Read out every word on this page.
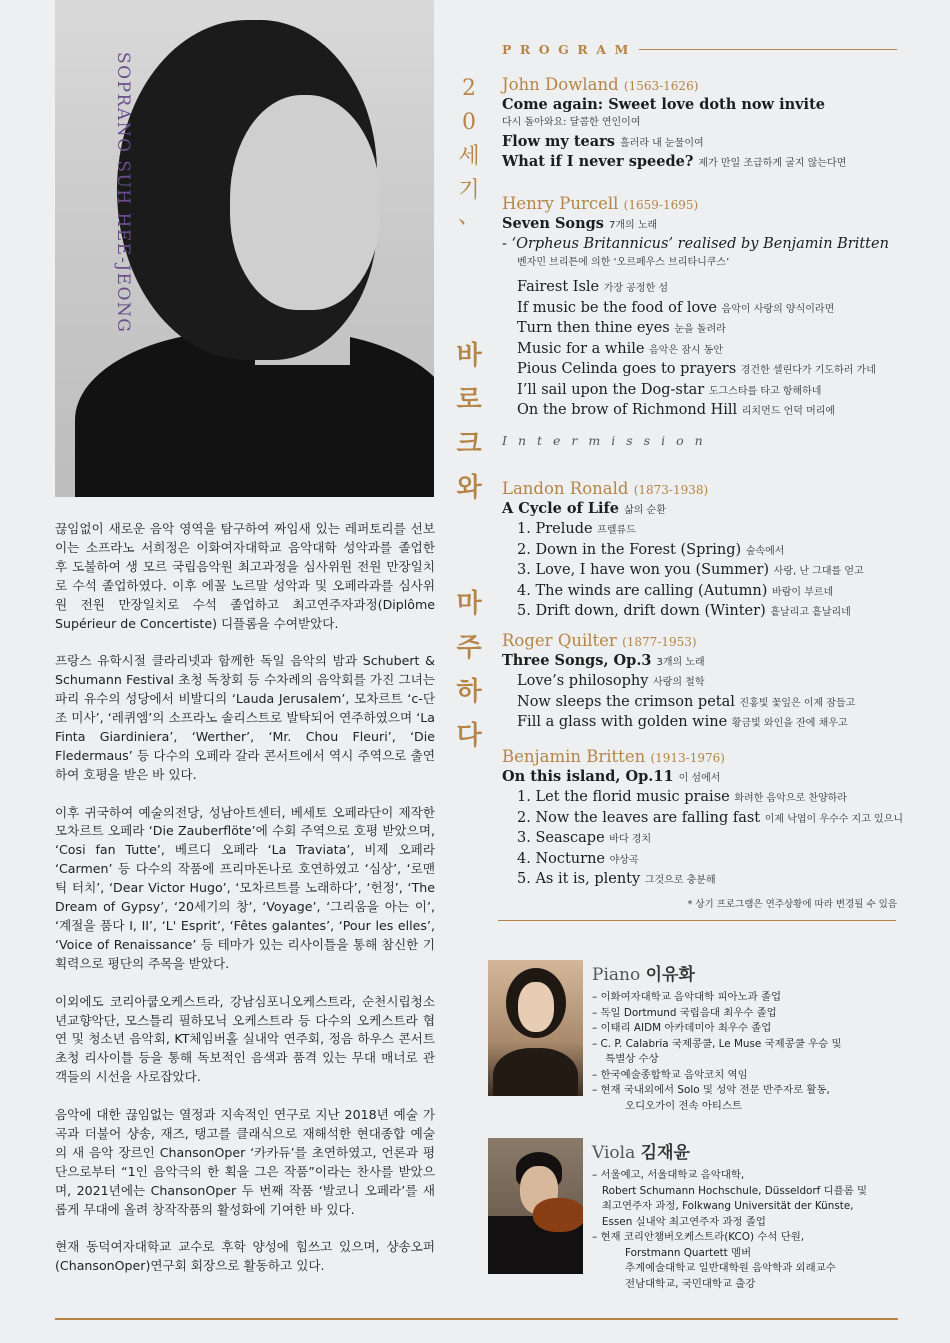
SOPRANO SUH HEE-JEONG

끊임없이 새로운 음악 영역을 탐구하여 짜임새 있는 레퍼토리를 선보이는 소프라노 서희정은 이화여자대학교 음악대학 성악과를 졸업한 후 도불하여 생 모르 국립음악원 최고과정을 심사위원 전원 만장일치로 수석 졸업하였다. 이후 에꼴 노르말 성악과 및 오페라과를 심사위원 전원 만장일치로 수석 졸업하고 최고연주자과정(Diplôme Supérieur de Concertiste) 디플롬을 수여받았다.

프랑스 유학시절 클라리넷과 함께한 독일 음악의 밤과 Schubert & Schumann Festival 초청 독창회 등 수차례의 음악회를 가진 그녀는 파리 유수의 성당에서 비발디의 ‘Lauda Jerusalem’, 모차르트 ‘c-단조 미사’, ‘레퀴엠’의 소프라노 솔리스트로 발탁되어 연주하였으며 ‘La Finta Giardiniera’, ‘Werther’, ‘Mr. Chou Fleuri’, ‘Die Fledermaus’ 등 다수의 오페라 갈라 콘서트에서 역시 주역으로 출연하여 호평을 받은 바 있다.

이후 귀국하여 예술의전당, 성남아트센터, 베세토 오페라단이 제작한 모차르트 오페라 ‘Die Zauberflöte’에 수회 주역으로 호평 받았으며, ‘Cosi fan Tutte’, 베르디 오페라 ‘La Traviata’, 비제 오페라 ‘Carmen’ 등 다수의 작품에 프리마돈나로 호연하였고 ‘심상’, ‘로맨틱 터치’, ‘Dear Victor Hugo’, ‘모차르트를 노래하다’, ‘헌정’, ‘The Dream of Gypsy’, ‘20세기의 창’, ‘Voyage’, ‘그리움을 아는 이’, ‘계절을 품다 I, II’, ‘L' Esprit’, ‘Fêtes galantes’, ‘Pour les elles’, ‘Voice of Renaissance’ 등 테마가 있는 리사이틀을 통해 참신한 기획력으로 평단의 주목을 받았다.

이외에도 코리아쿱오케스트라, 강남심포니오케스트라, 순천시립청소년교향악단, 모스틀리 필하모닉 오케스트라 등 다수의 오케스트라 협연 및 청소년 음악회, KT체임버홀 실내악 연주회, 정음 하우스 콘서트 초청 리사이틀 등을 통해 독보적인 음색과 품격 있는 무대 매너로 관객들의 시선을 사로잡았다.

음악에 대한 끊임없는 열정과 지속적인 연구로 지난 2018년 예술 가곡과 더불어 샹송, 재즈, 탱고를 클래식으로 재해석한 현대종합 예술의 새 음악 장르인 ChansonOper ‘카카듀’를 초연하였고, 언론과 평단으로부터 “1인 음악극의 한 획을 그은 작품”이라는 찬사를 받았으며, 2021년에는 ChansonOper 두 번째 작품 ‘발코니 오페라’를 새롭게 무대에 올려 창작작품의 활성화에 기여한 바 있다.

현재 동덕여자대학교 교수로 후학 양성에 힘쓰고 있으며, 샹송오퍼(ChansonOper)연구회 회장으로 활동하고 있다.

2
0
세
기
、
바
로
크
와
마
주
하
다
PROGRAM
John Dowland (1563-1626)
Come again: Sweet love doth now invite
다시 돌아와요: 달콤한 연인이여
Flow my tears 흘러라 내 눈물이여
What if I never speede? 제가 만일 조급하게 굴지 않는다면
Henry Purcell (1659-1695)
Seven Songs 7개의 노래
- ‘Orpheus Britannicus’ realised by Benjamin Britten
벤자민 브리튼에 의한 ‘오르페우스 브리타니쿠스’
Fairest Isle 가장 공정한 섬
If music be the food of love 음악이 사랑의 양식이라면
Turn then thine eyes 눈을 돌려라
Music for a while 음악은 잠시 동안
Pious Celinda goes to prayers 경건한 셀린다가 기도하러 가네
I’ll sail upon the Dog-star 도그스타를 타고 항해하네
On the brow of Richmond Hill 리치먼드 언덕 머리에
Intermission
Landon Ronald (1873-1938)
A Cycle of Life 삶의 순환
1. Prelude 프렐류드
2. Down in the Forest (Spring) 숲속에서
3. Love, I have won you (Summer) 사랑, 난 그대를 얻고
4. The winds are calling (Autumn) 바람이 부르네
5. Drift down, drift down (Winter) 흩날리고 흩날리네
Roger Quilter (1877-1953)
Three Songs, Op.3 3개의 노래
Love’s philosophy 사랑의 철학
Now sleeps the crimson petal 진홍빛 꽃잎은 이제 잠들고
Fill a glass with golden wine 황금빛 와인을 잔에 채우고
Benjamin Britten (1913-1976)
On this island, Op.11 이 섬에서
1. Let the florid music praise 화려한 음악으로 찬양하라
2. Now the leaves are falling fast 이제 낙엽이 우수수 지고 있으니
3. Seascape 바다 경치
4. Nocturne 야상곡
5. As it is, plenty 그것으로 충분해
* 상기 프로그램은 연주상황에 따라 변경될 수 있음
Piano 이유화
– 이화여자대학교 음악대학 피아노과 졸업
– 독일 Dortmund 국립음대 최우수 졸업
– 이태리 AIDM 아카데미아 최우수 졸업
– C. P. Calabria 국제콩쿨, Le Muse 국제콩쿨 우승 및
특별상 수상
– 한국예술종합학교 음악코치 역임
– 현재 국내외에서 Solo 및 성악 전문 반주자로 활동,
오디오가이 전속 아티스트
Viola 김재윤
– 서울예고, 서울대학교 음악대학,
Robert Schumann Hochschule, Düsseldorf 디플롬 및
최고연주자 과정, Folkwang Universität der Künste,
Essen 실내악 최고연주자 과정 졸업
– 현재 코리안챔버오케스트라(KCO) 수석 단원,
Forstmann Quartett 멤버
추계예술대학교 일반대학원 음악학과 외래교수
전남대학교, 국민대학교 출강
